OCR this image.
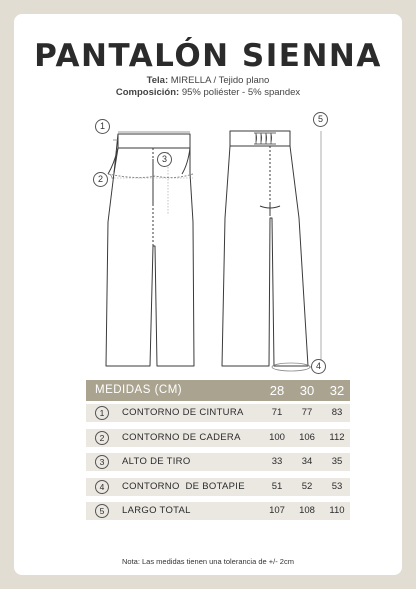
PANTALÓN SIENNA
Tela: MIRELLA / Tejido plano
Composición: 95% poliéster - 5% spandex
1
2
3
4
5
MEDIDAS (CM)	28	30	32
1	CONTORNO DE CINTURA	71	77	83
2	CONTORNO DE CADERA	100	106	112
3	ALTO DE TIRO	33	34	35
4	CONTORNO  DE BOTAPIE	51	52	53
5	LARGO TOTAL	107	108	110
Nota: Las medidas tienen una tolerancia de +/- 2cm
